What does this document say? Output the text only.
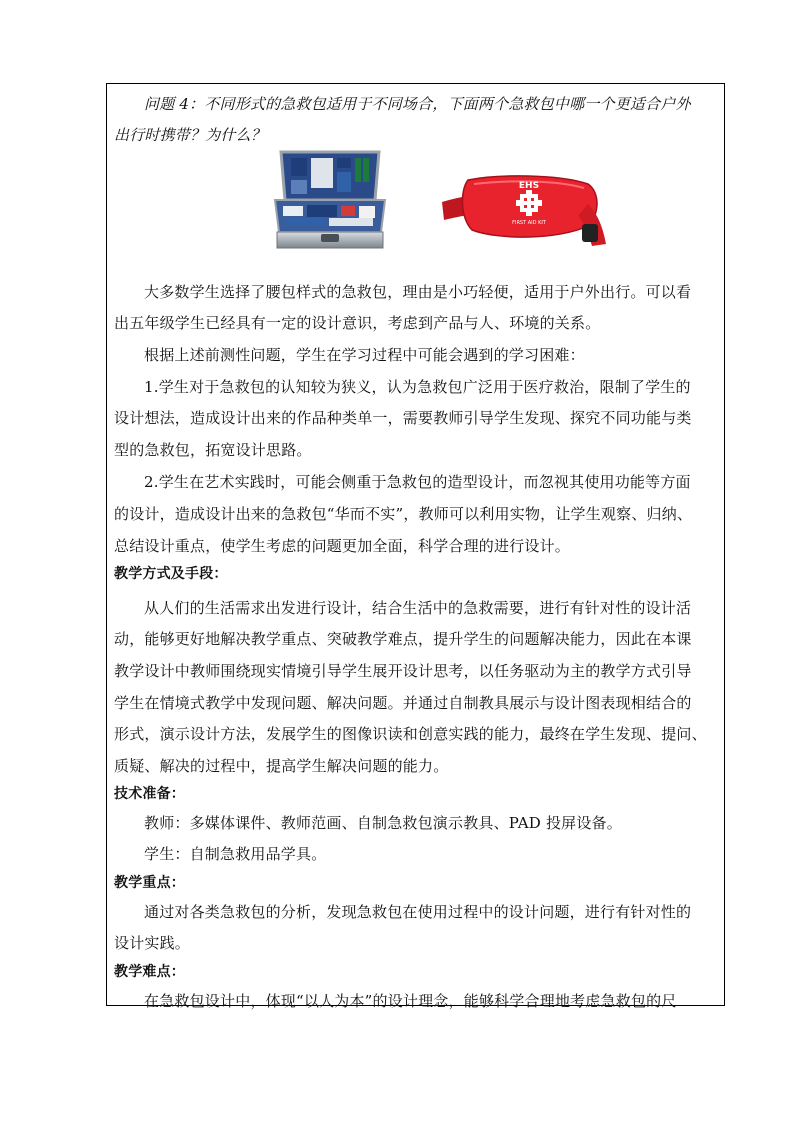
问题 4：不同形式的急救包适用于不同场合，下面两个急救包中哪一个更适合户外
出行时携带？为什么？
EHS
FIRST AID KIT
大多数学生选择了腰包样式的急救包，理由是小巧轻便，适用于户外出行。可以看
出五年级学生已经具有一定的设计意识，考虑到产品与人、环境的关系。
根据上述前测性问题，学生在学习过程中可能会遇到的学习困难：
1.学生对于急救包的认知较为狭义，认为急救包广泛用于医疗救治，限制了学生的
设计想法，造成设计出来的作品种类单一，需要教师引导学生发现、探究不同功能与类
型的急救包，拓宽设计思路。
2.学生在艺术实践时，可能会侧重于急救包的造型设计，而忽视其使用功能等方面
的设计，造成设计出来的急救包“华而不实”，教师可以利用实物，让学生观察、归纳、
总结设计重点，使学生考虑的问题更加全面，科学合理的进行设计。
教学方式及手段：
从人们的生活需求出发进行设计，结合生活中的急救需要，进行有针对性的设计活
动，能够更好地解决教学重点、突破教学难点，提升学生的问题解决能力，因此在本课
教学设计中教师围绕现实情境引导学生展开设计思考，以任务驱动为主的教学方式引导
学生在情境式教学中发现问题、解决问题。并通过自制教具展示与设计图表现相结合的
形式，演示设计方法，发展学生的图像识读和创意实践的能力，最终在学生发现、提问、
质疑、解决的过程中，提高学生解决问题的能力。
技术准备：
教师：多媒体课件、教师范画、自制急救包演示教具、PAD 投屏设备。
学生：自制急救用品学具。
教学重点：
通过对各类急救包的分析，发现急救包在使用过程中的设计问题，进行有针对性的
设计实践。
教学难点：
在急救包设计中，体现“以人为本”的设计理念，能够科学合理地考虑急救包的尺
